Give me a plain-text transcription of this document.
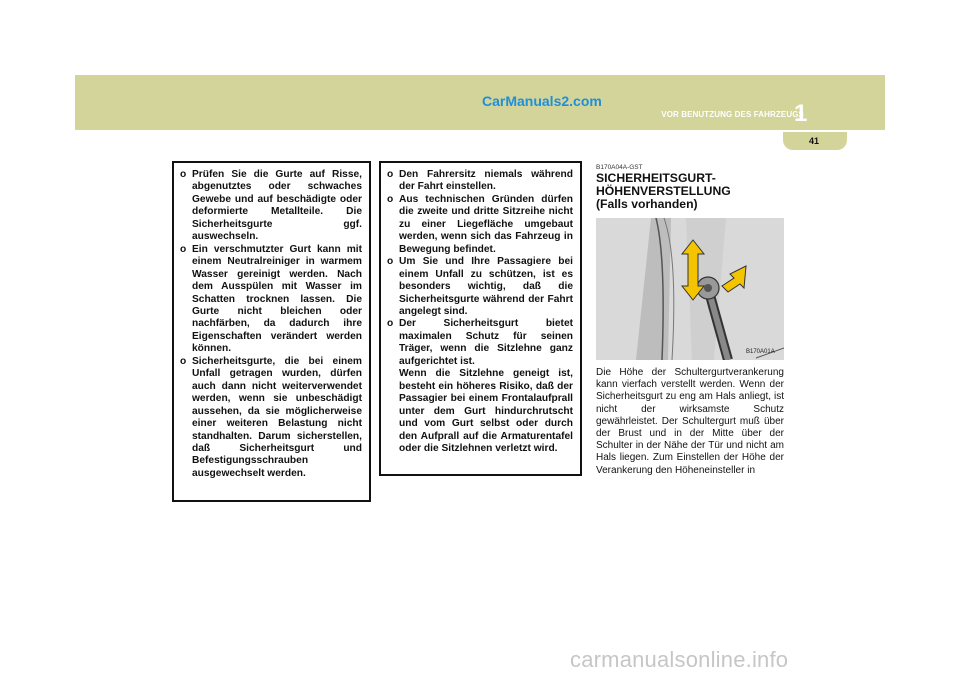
CarManuals2.com
VOR BENUTZUNG DES FAHRZEUGS
1
41
o Prüfen Sie die Gurte auf Risse, abgenutztes oder schwaches Gewebe und auf beschädigte oder deformierte Metallteile. Die Sicherheitsgurte ggf. auswechseln.
o Ein verschmutzter Gurt kann mit einem Neutralreiniger in warmem Wasser gereinigt werden. Nach dem Ausspülen mit Wasser im Schatten trocknen lassen. Die Gurte nicht bleichen oder nachfärben, da dadurch ihre Eigenschaften verändert werden können.
o Sicherheitsgurte, die bei einem Unfall getragen wurden, dürfen auch dann nicht weiterverwendet werden, wenn sie unbeschädigt aussehen, da sie möglicherweise einer weiteren Belastung nicht standhalten. Darum sicherstellen, daß Sicherheitsgurt und Befestigungsschrauben ausgewechselt werden.
o Den Fahrersitz niemals während der Fahrt einstellen.
o Aus technischen Gründen dürfen die zweite und dritte Sitzreihe nicht zu einer Liegefläche umgebaut werden, wenn sich das Fahrzeug in Bewegung befindet.
o Um Sie und Ihre Passagiere bei einem Unfall zu schützen, ist es besonders wichtig, daß die Sicherheitsgurte während der Fahrt angelegt sind.
o Der Sicherheitsgurt bietet maximalen Schutz für seinen Träger, wenn die Sitzlehne ganz aufgerichtet ist.
Wenn die Sitzlehne geneigt ist, besteht ein höheres Risiko, daß der Passagier bei einem Frontalaufprall unter dem Gurt hindurchrutscht und vom Gurt selbst oder durch den Aufprall auf die Armaturentafel oder die Sitzlehnen verletzt wird.
B170A04A-GST
SICHERHEITSGURT-
HÖHENVERSTELLUNG
(Falls vorhanden)
B170A01A
Die Höhe der Schultergurtverankerung kann vierfach verstellt werden. Wenn der Sicherheitsgurt zu eng am Hals anliegt, ist nicht der wirksamste Schutz gewährleistet. Der Schultergurt muß über der Brust und in der Mitte über der Schulter in der Nähe der Tür und nicht am Hals liegen. Zum Einstellen der Höhe der Verankerung den Höheneinsteller in
carmanualsonline.info
